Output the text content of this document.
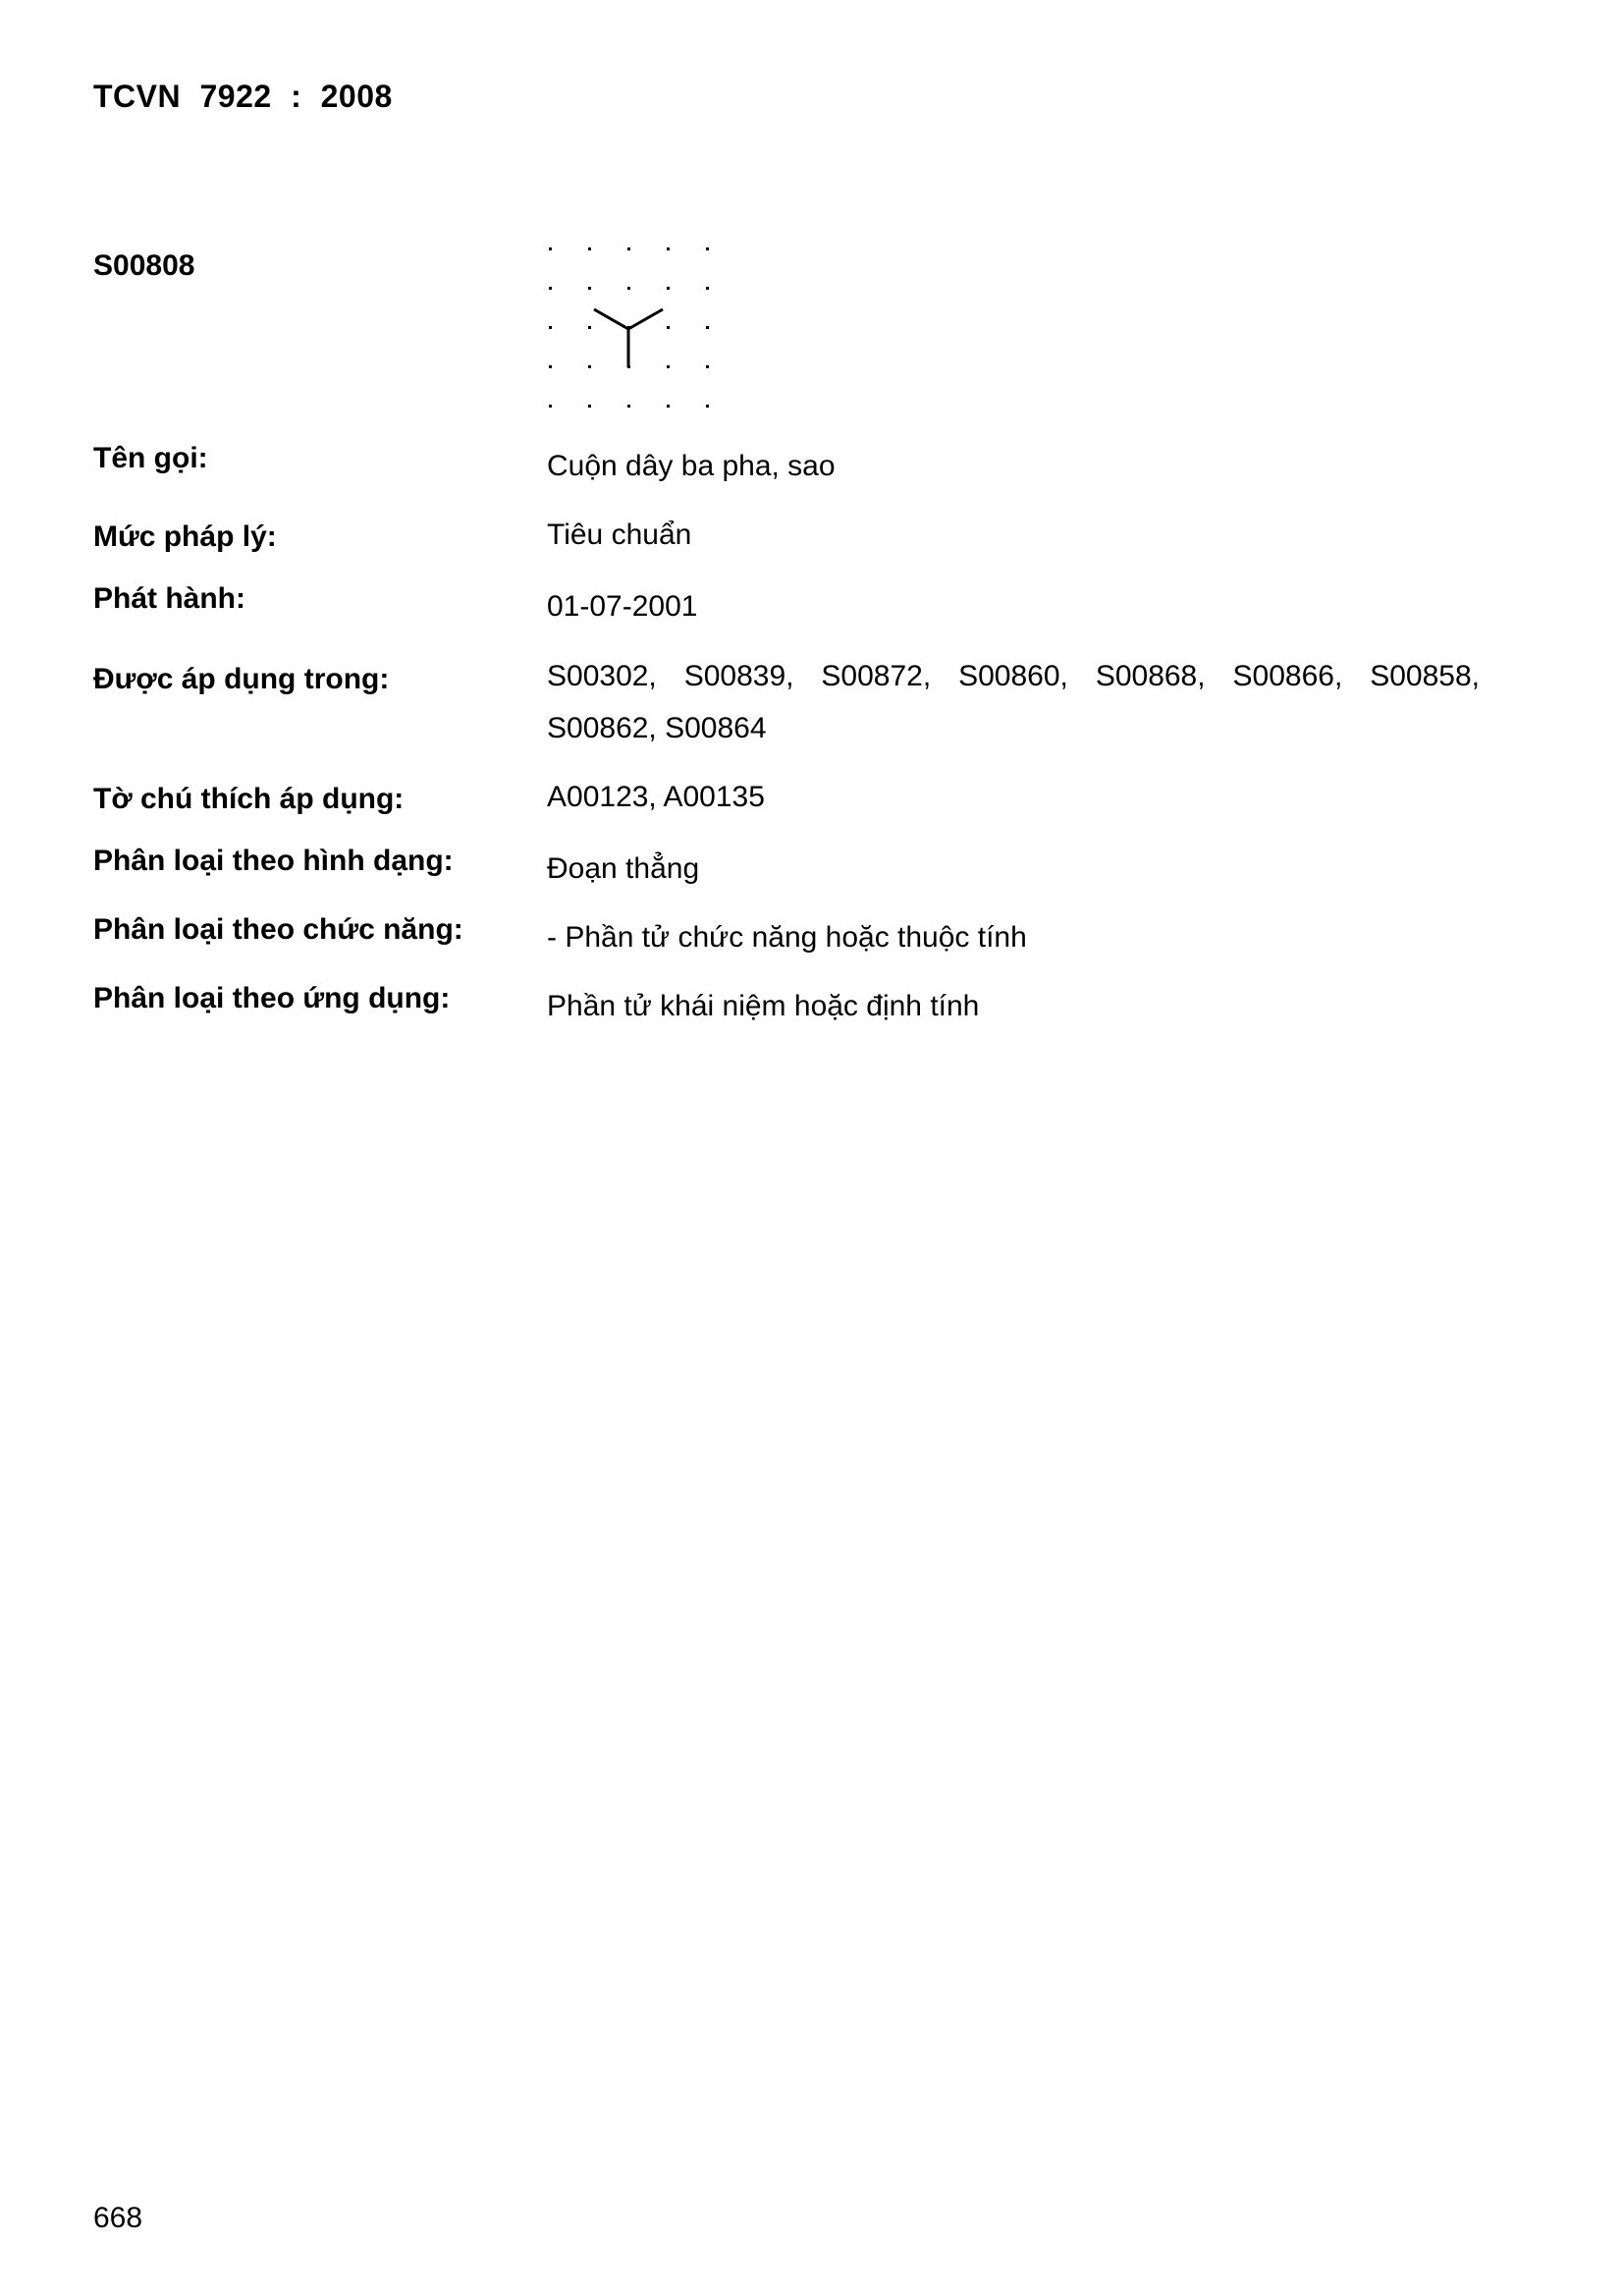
TCVN 7922 : 2008
S00808
Tên gọi:	Cuộn dây ba pha, sao
Mức pháp lý:	Tiêu chuẩn
Phát hành:	01-07-2001
Được áp dụng trong:	S00302, S00839, S00872, S00860, S00868, S00866, S00858,
S00862, S00864
Tờ chú thích áp dụng:	A00123, A00135
Phân loại theo hình dạng:	Đoạn thẳng
Phân loại theo chức năng:	- Phần tử chức năng hoặc thuộc tính
Phân loại theo ứng dụng:	Phần tử khái niệm hoặc định tính
668
